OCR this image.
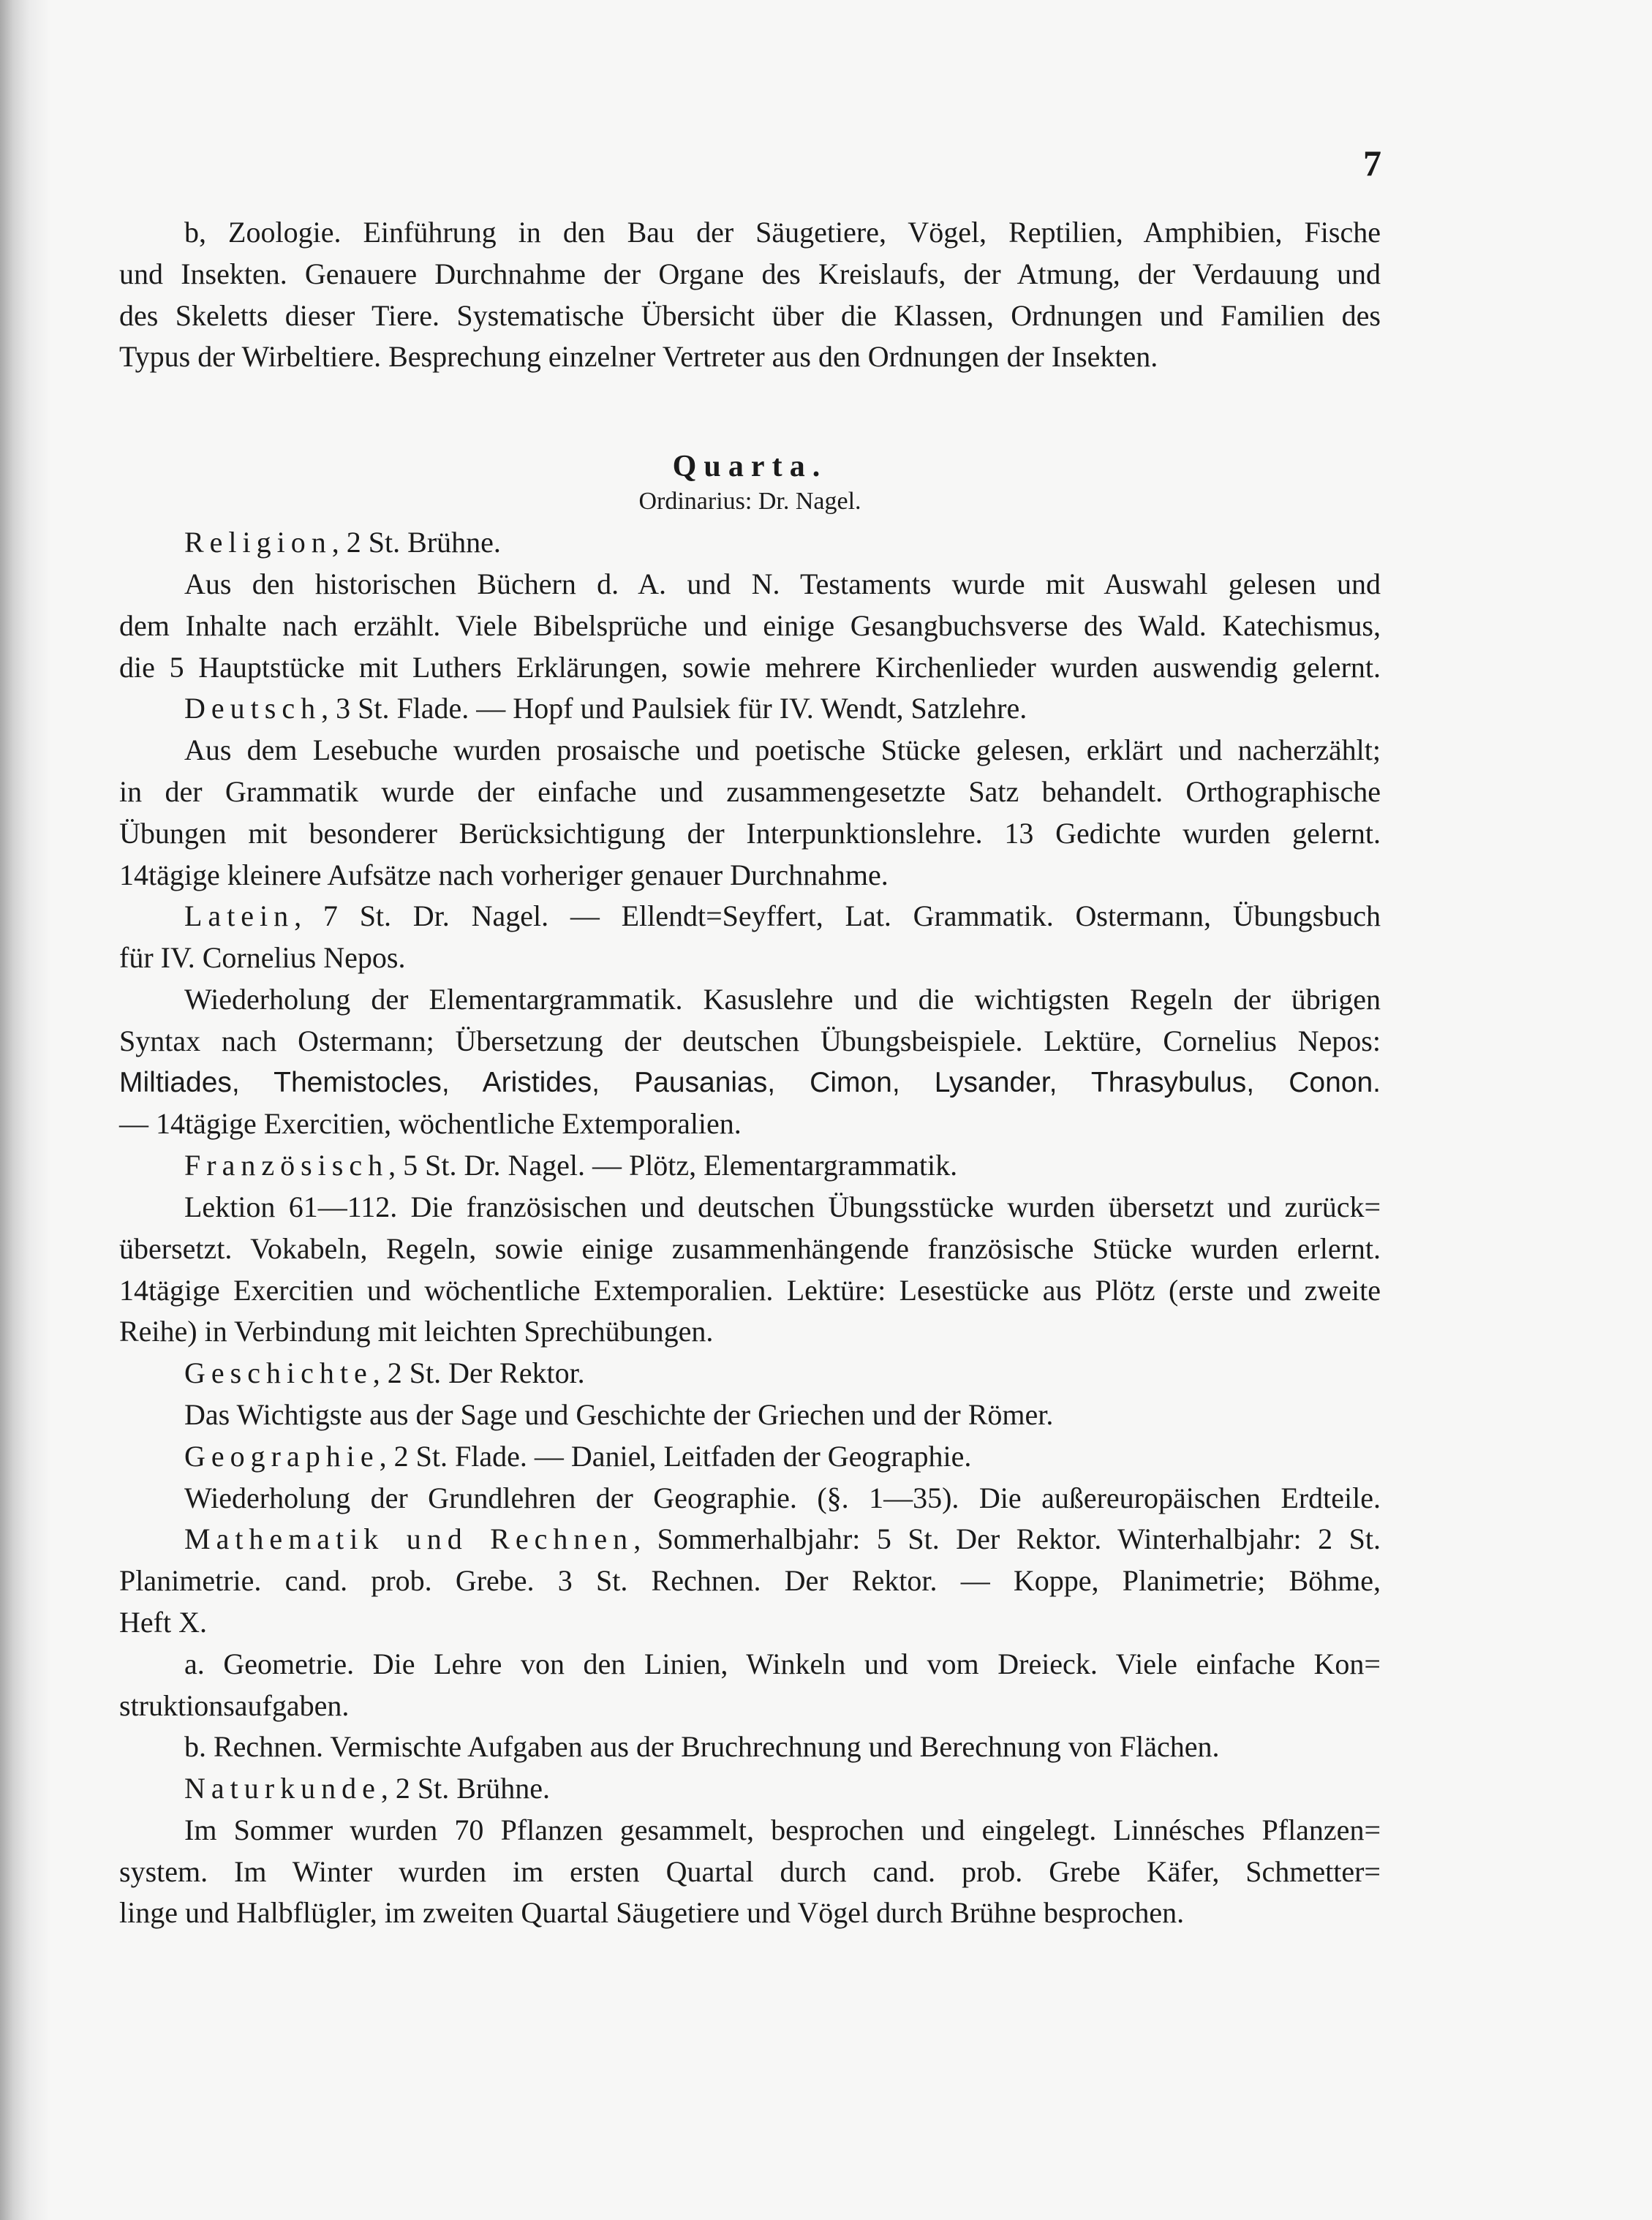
7
b, Zoologie. Einführung in den Bau der Säugetiere, Vögel, Reptilien, Amphibien, Fische
und Insekten. Genauere Durchnahme der Organe des Kreislaufs, der Atmung, der Verdauung und
des Skeletts dieser Tiere. Systematische Übersicht über die Klassen, Ordnungen und Familien des
Typus der Wirbeltiere. Besprechung einzelner Vertreter aus den Ordnungen der Insekten.
Quarta.
Ordinarius: Dr. Nagel.
Religion, 2 St. Brühne.
Aus den historischen Büchern d. A. und N. Testaments wurde mit Auswahl gelesen und
dem Inhalte nach erzählt. Viele Bibelsprüche und einige Gesangbuchsverse des Wald. Katechismus,
die 5 Hauptstücke mit Luthers Erklärungen, sowie mehrere Kirchenlieder wurden auswendig gelernt.
Deutsch, 3 St. Flade. — Hopf und Paulsiek für IV. Wendt, Satzlehre.
Aus dem Lesebuche wurden prosaische und poetische Stücke gelesen, erklärt und nacherzählt;
in der Grammatik wurde der einfache und zusammengesetzte Satz behandelt. Orthographische
Übungen mit besonderer Berücksichtigung der Interpunktionslehre. 13 Gedichte wurden gelernt.
14tägige kleinere Aufsätze nach vorheriger genauer Durchnahme.
Latein, 7 St. Dr. Nagel. — Ellendt=Seyffert, Lat. Grammatik. Ostermann, Übungsbuch
für IV. Cornelius Nepos.
Wiederholung der Elementargrammatik. Kasuslehre und die wichtigsten Regeln der übrigen
Syntax nach Ostermann; Übersetzung der deutschen Übungsbeispiele. Lektüre, Cornelius Nepos:
Miltiades, Themistocles, Aristides, Pausanias, Cimon, Lysander, Thrasybulus, Conon.
— 14tägige Exercitien, wöchentliche Extemporalien.
Französisch, 5 St. Dr. Nagel. — Plötz, Elementargrammatik.
Lektion 61—112. Die französischen und deutschen Übungsstücke wurden übersetzt und zurück=
übersetzt. Vokabeln, Regeln, sowie einige zusammenhängende französische Stücke wurden erlernt.
14tägige Exercitien und wöchentliche Extemporalien. Lektüre: Lesestücke aus Plötz (erste und zweite
Reihe) in Verbindung mit leichten Sprechübungen.
Geschichte, 2 St. Der Rektor.
Das Wichtigste aus der Sage und Geschichte der Griechen und der Römer.
Geographie, 2 St. Flade. — Daniel, Leitfaden der Geographie.
Wiederholung der Grundlehren der Geographie. (§. 1—35). Die außereuropäischen Erdteile.
Mathematik und Rechnen, Sommerhalbjahr: 5 St. Der Rektor. Winterhalbjahr: 2 St.
Planimetrie. cand. prob. Grebe. 3 St. Rechnen. Der Rektor. — Koppe, Planimetrie; Böhme,
Heft X.
a. Geometrie. Die Lehre von den Linien, Winkeln und vom Dreieck. Viele einfache Kon=
struktionsaufgaben.
b. Rechnen. Vermischte Aufgaben aus der Bruchrechnung und Berechnung von Flächen.
Naturkunde, 2 St. Brühne.
Im Sommer wurden 70 Pflanzen gesammelt, besprochen und eingelegt. Linnésches Pflanzen=
system. Im Winter wurden im ersten Quartal durch cand. prob. Grebe Käfer, Schmetter=
linge und Halbflügler, im zweiten Quartal Säugetiere und Vögel durch Brühne besprochen.
